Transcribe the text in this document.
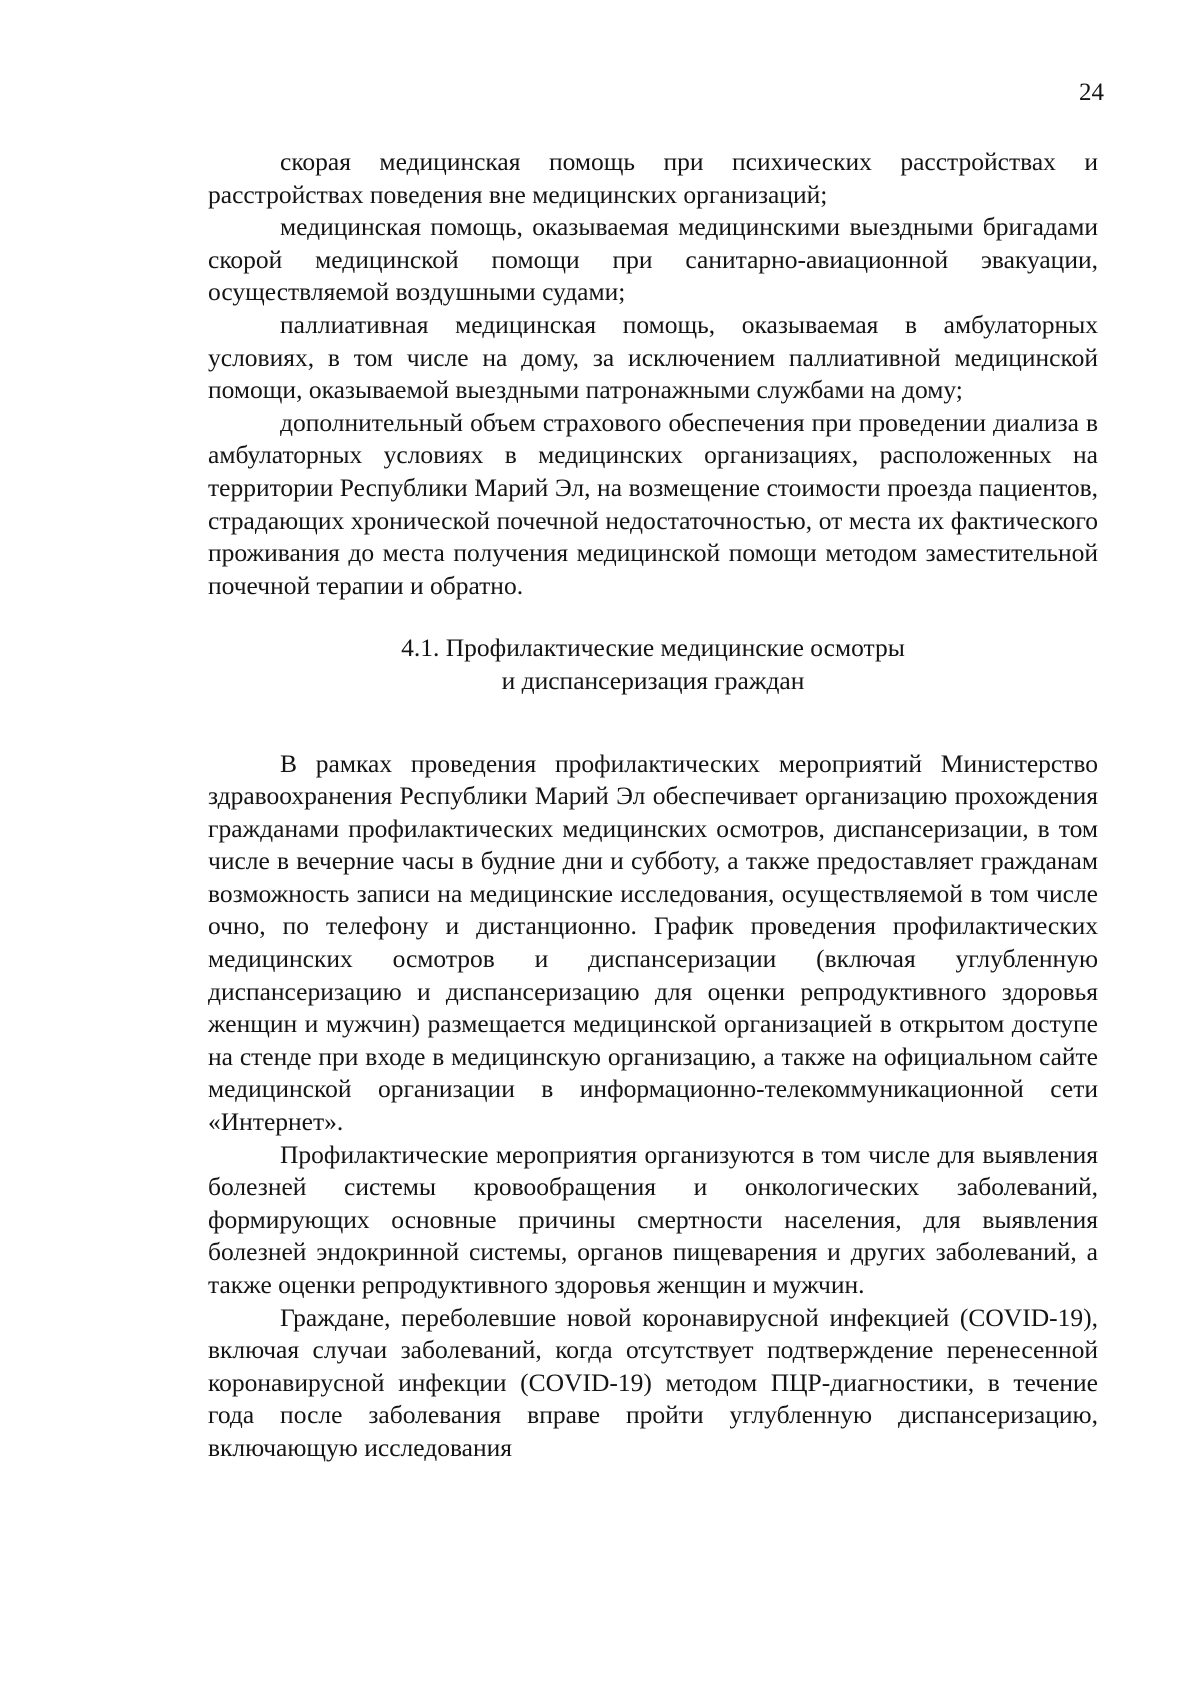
24

скорая медицинская помощь при психических расстройствах и расстройствах поведения вне медицинских организаций;

медицинская помощь, оказываемая медицинскими выездными бригадами скорой медицинской помощи при санитарно-авиационной эвакуации, осуществляемой воздушными судами;

паллиативная медицинская помощь, оказываемая в амбулаторных условиях, в том числе на дому, за исключением паллиативной медицинской помощи, оказываемой выездными патронажными службами на дому;

дополнительный объем страхового обеспечения при проведении диализа в амбулаторных условиях в медицинских организациях, расположенных на территории Республики Марий Эл, на возмещение стоимости проезда пациентов, страдающих хронической почечной недостаточностью, от места их фактического проживания до места получения медицинской помощи методом заместительной почечной терапии и обратно.

4.1. Профилактические медицинские осмотры
и диспансеризация граждан

В рамках проведения профилактических мероприятий Министерство здравоохранения Республики Марий Эл обеспечивает организацию прохождения гражданами профилактических медицинских осмотров, диспансеризации, в том числе в вечерние часы в будние дни и субботу, а также предоставляет гражданам возможность записи на медицинские исследования, осуществляемой в том числе очно, по телефону и дистанционно. График проведения профилактических медицинских осмотров и диспансеризации (включая углубленную диспансеризацию и диспансеризацию для оценки репродуктивного здоровья женщин и мужчин) размещается медицинской организацией в открытом доступе на стенде при входе в медицинскую организацию, а также на официальном сайте медицинской организации в информационно-телекоммуникационной сети «Интернет».

Профилактические мероприятия организуются в том числе для выявления болезней системы кровообращения и онкологических заболеваний, формирующих основные причины смертности населения, для выявления болезней эндокринной системы, органов пищеварения и других заболеваний, а также оценки репродуктивного здоровья женщин и мужчин.

Граждане, переболевшие новой коронавирусной инфекцией (COVID-19), включая случаи заболеваний, когда отсутствует подтверждение перенесенной коронавирусной инфекции (COVID-19) методом ПЦР-диагностики, в течение года после заболевания вправе пройти углубленную диспансеризацию, включающую исследования
